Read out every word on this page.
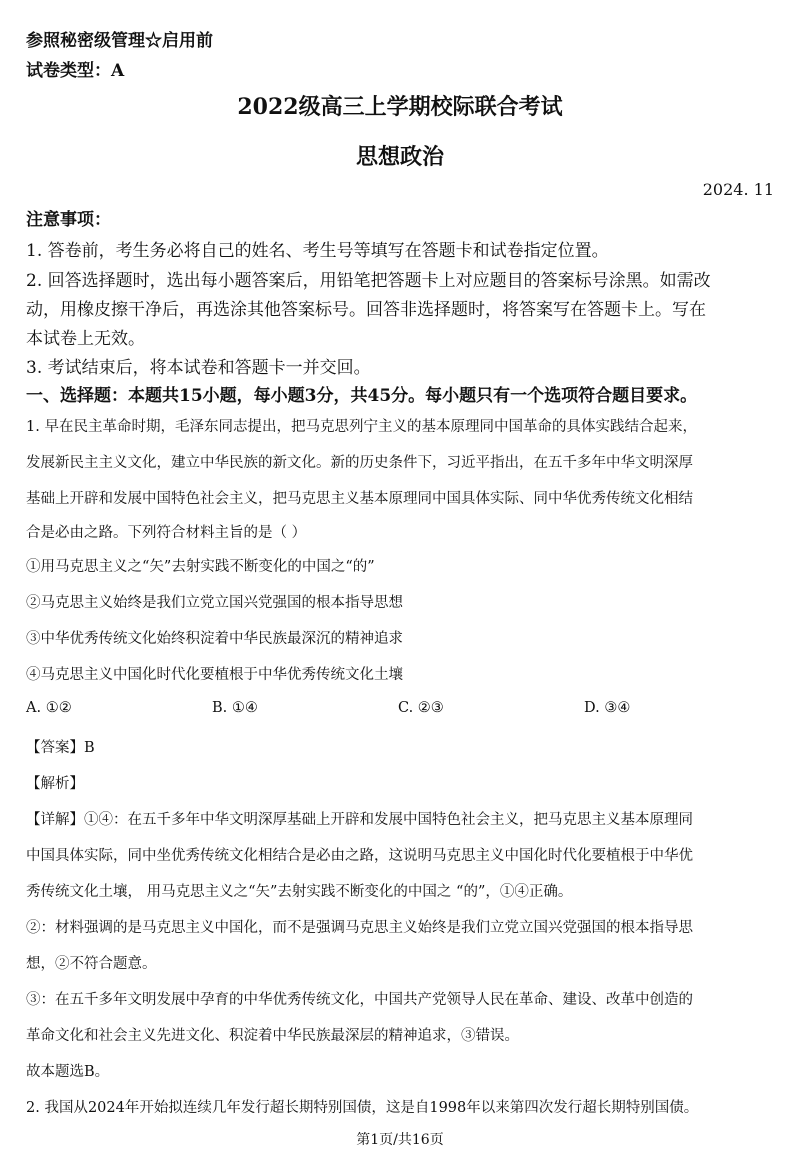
参照秘密级管理☆启用前
试卷类型：A
2022级高三上学期校际联合考试
思想政治
2024. 11
注意事项：
1. 答卷前，考生务必将自己的姓名、考生号等填写在答题卡和试卷指定位置。
2. 回答选择题时，选出每小题答案后，用铅笔把答题卡上对应题目的答案标号涂黑。如需改
动，用橡皮擦干净后，再选涂其他答案标号。回答非选择题时，将答案写在答题卡上。写在
本试卷上无效。
3. 考试结束后，将本试卷和答题卡一并交回。
一、选择题：本题共15小题，每小题3分，共45分。每小题只有一个选项符合题目要求。
1. 早在民主革命时期，毛泽东同志提出，把马克思列宁主义的基本原理同中国革命的具体实践结合起来，
发展新民主主义文化，建立中华民族的新文化。新的历史条件下，习近平指出，在五千多年中华文明深厚
基础上开辟和发展中国特色社会主义，把马克思主义基本原理同中国具体实际、同中华优秀传统文化相结
合是必由之路。下列符合材料主旨的是（ ）
①用马克思主义之“矢”去射实践不断变化的中国之“的”
②马克思主义始终是我们立党立国兴党强国的根本指导思想
③中华优秀传统文化始终积淀着中华民族最深沉的精神追求
④马克思主义中国化时代化要植根于中华优秀传统文化土壤
A. ①②	B. ①④	C. ②③	D. ③④
【答案】B
【解析】
【详解】①④：在五千多年中华文明深厚基础上开辟和发展中国特色社会主义，把马克思主义基本原理同
中国具体实际，同中坐优秀传统文化相结合是必由之路，这说明马克思主义中国化时代化要植根于中华优
秀传统文化土壤， 用马克思主义之“矢”去射实践不断变化的中国之 “的”，①④正确。
②：材料强调的是马克思主义中国化，而不是强调马克思主义始终是我们立党立国兴党强国的根本指导思
想，②不符合题意。
③：在五千多年文明发展中孕育的中华优秀传统文化，中国共产党领导人民在革命、建设、改革中创造的
革命文化和社会主义先进文化、积淀着中华民族最深层的精神追求，③错误。
故本题选B。
2. 我国从2024年开始拟连续几年发行超长期特别国债，这是自1998年以来第四次发行超长期特别国债。
第1页/共16页
